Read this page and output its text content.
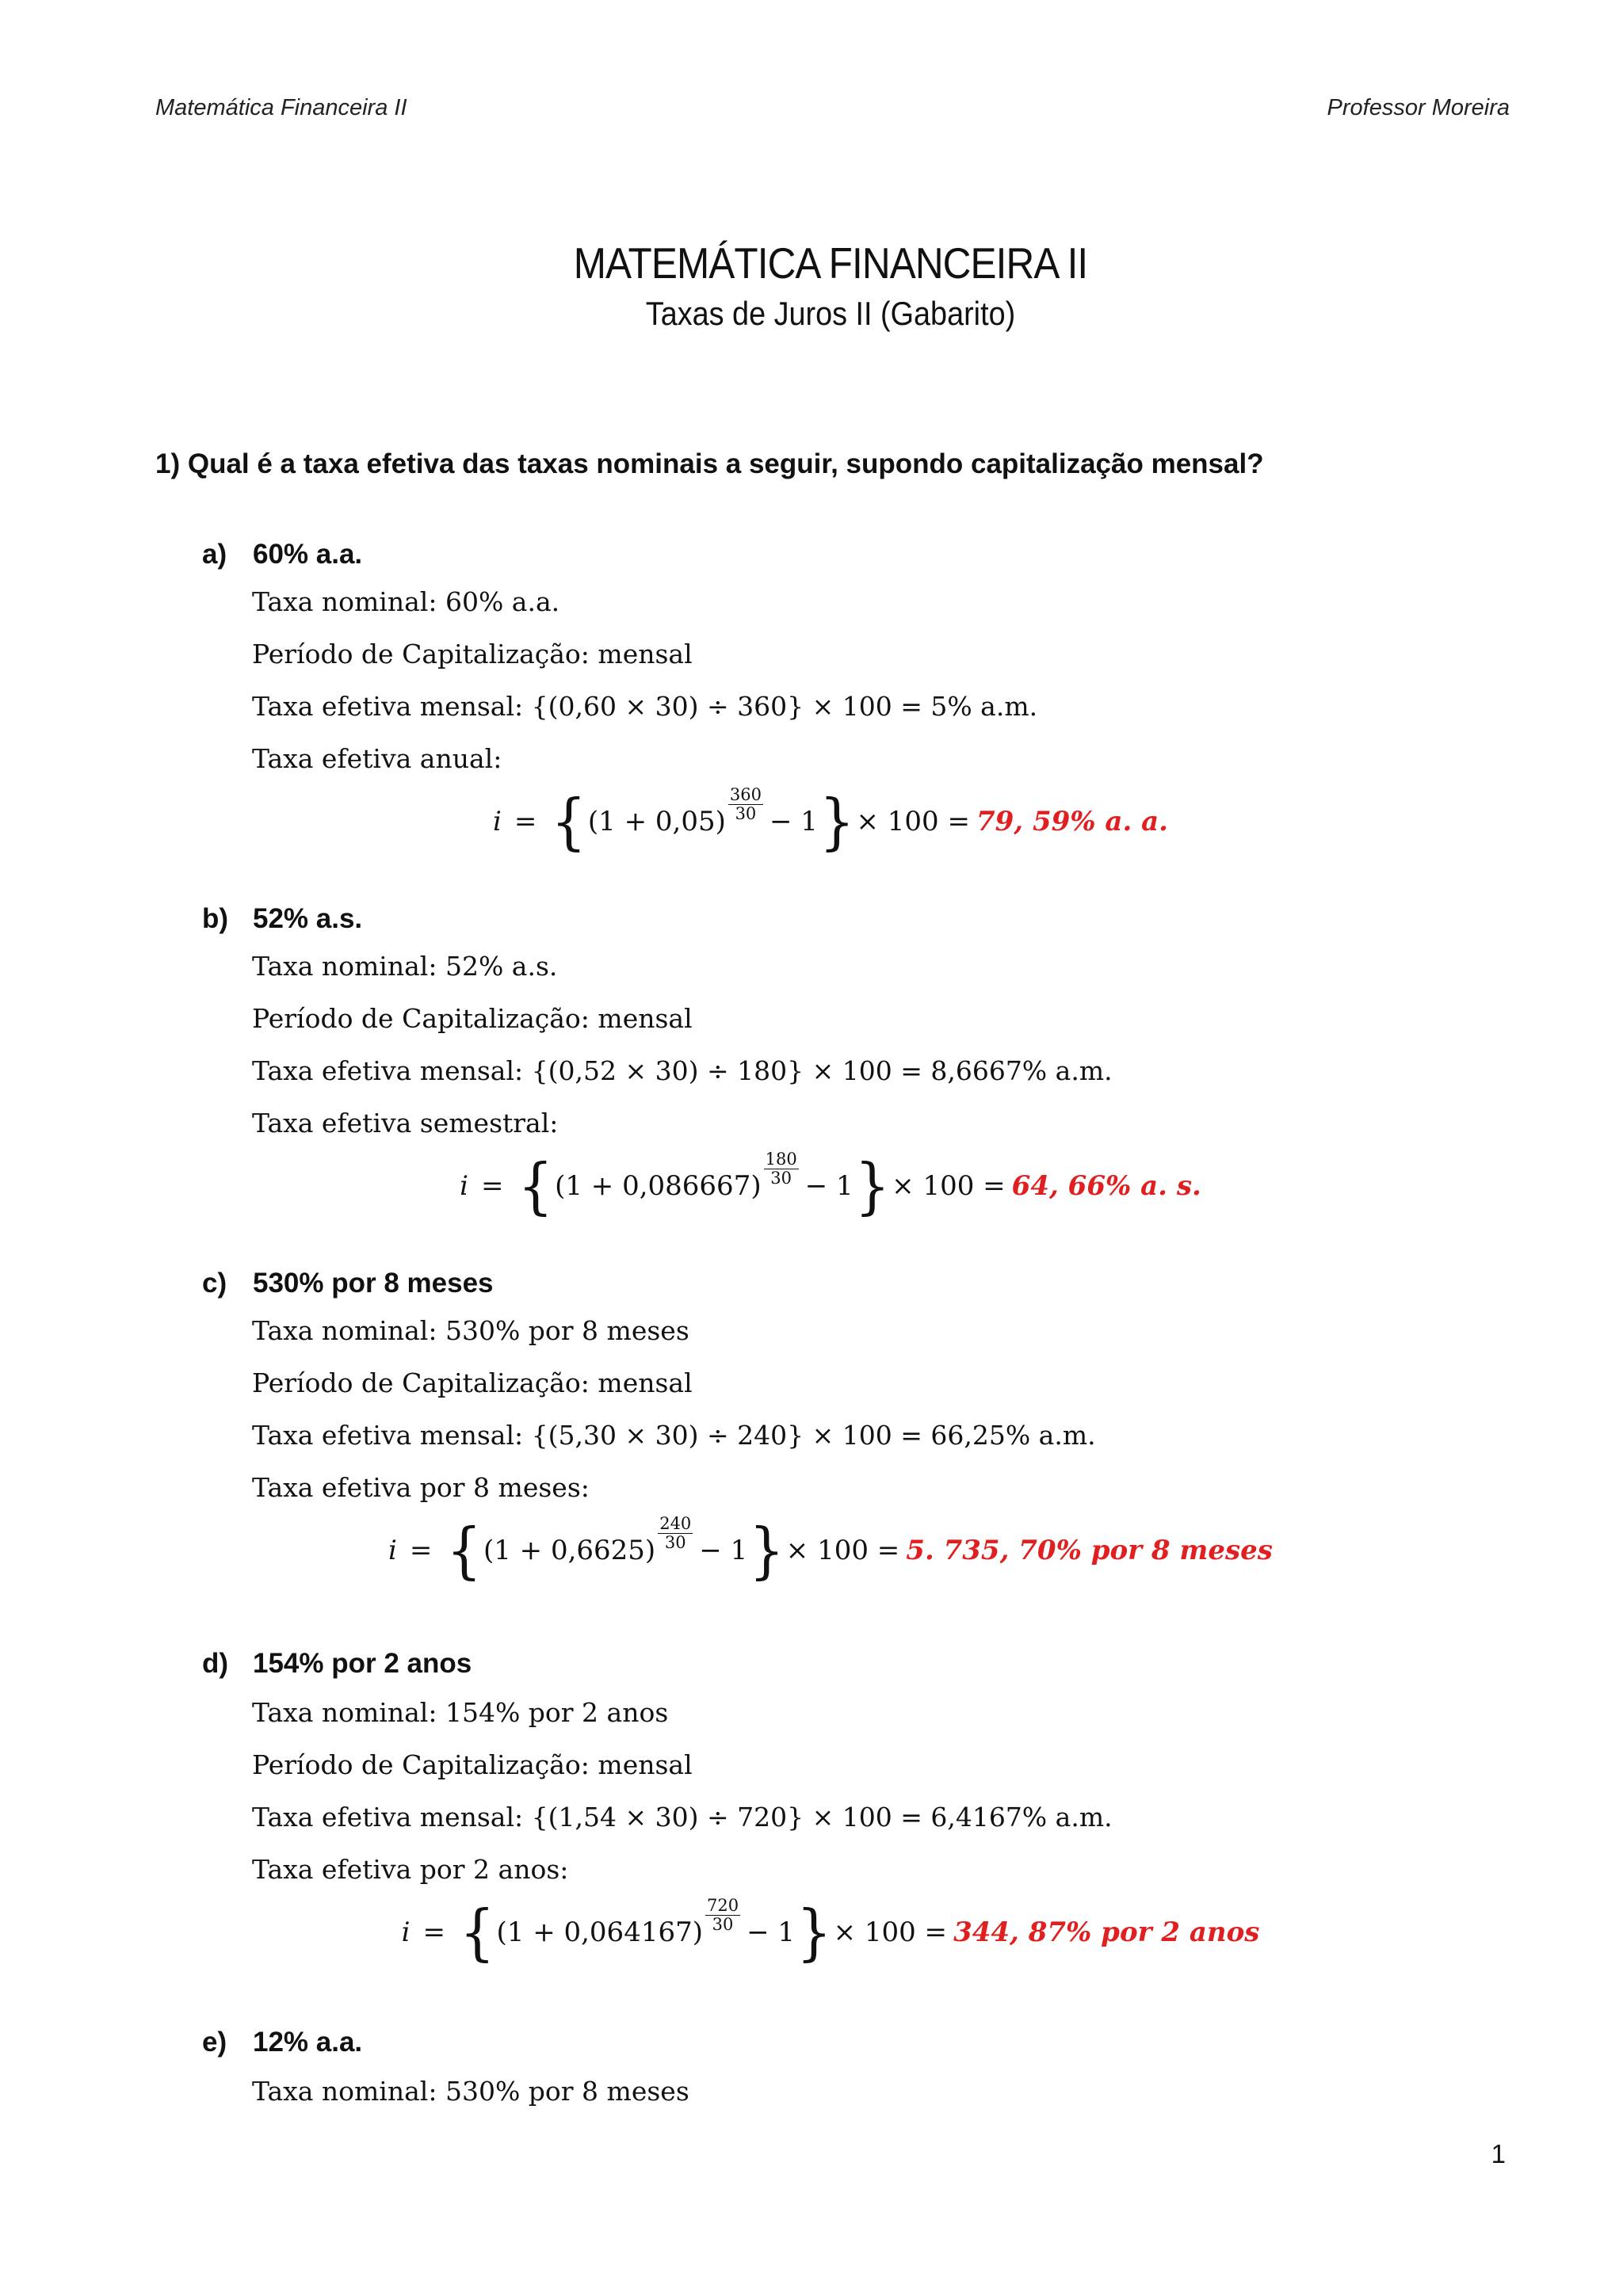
Matemática Financeira II	Professor Moreira
MATEMÁTICA FINANCEIRA II
Taxas de Juros II (Gabarito)
1) Qual é a taxa efetiva das taxas nominais a seguir, supondo capitalização mensal?
a) 60% a.a.
Taxa nominal: 60% a.a.
Período de Capitalização: mensal
Taxa efetiva mensal: {(0,60 × 30) ÷ 360} × 100 = 5% a.m.
Taxa efetiva anual:
i = { $(1 + 0,05) \frac{360}{30} - 1$ } × 100 = 79, 59% a. a.
b) 52% a.s.
Taxa nominal: 52% a.s.
Período de Capitalização: mensal
Taxa efetiva mensal: {(0,52 × 30) ÷ 180} × 100 = 8,6667% a.m.
Taxa efetiva semestral:
i = { $(1 + 0,086667) \frac{180}{30} - 1$ } × 100 = 64, 66% a. s.
c) 530% por 8 meses
Taxa nominal: 530% por 8 meses
Período de Capitalização: mensal
Taxa efetiva mensal: {(5,30 × 30) ÷ 240} × 100 = 66,25% a.m.
Taxa efetiva por 8 meses:
i = { $(1 + 0,6625) \frac{240}{30} - 1$ } × 100 = 5. 735, 70% por 8 meses
d) 154% por 2 anos
Taxa nominal: 154% por 2 anos
Período de Capitalização: mensal
Taxa efetiva mensal: {(1,54 × 30) ÷ 720} × 100 = 6,4167% a.m.
Taxa efetiva por 2 anos:
i = { $(1 + 0,064167) \frac{720}{30} - 1$ } × 100 = 344, 87% por 2 anos
e) 12% a.a.
Taxa nominal: 530% por 8 meses
1
